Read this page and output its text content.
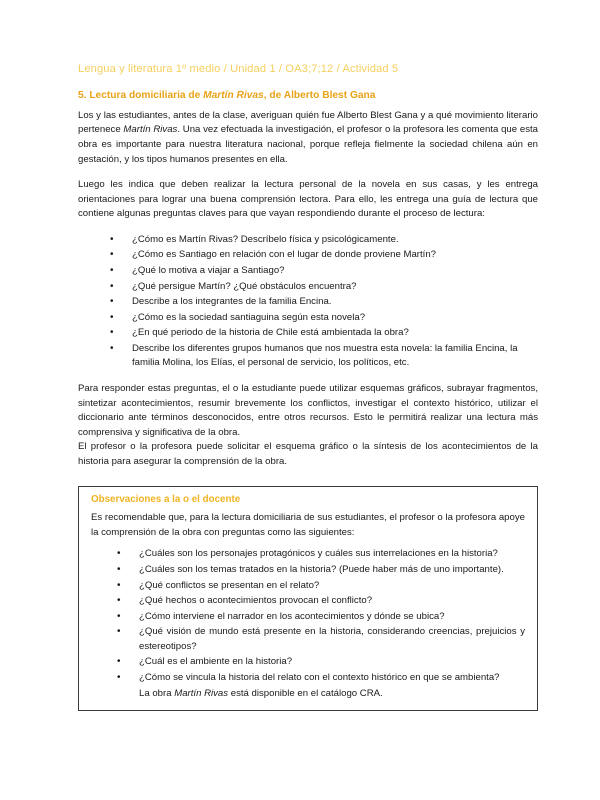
Lengua y literatura 1º medio / Unidad 1 / OA3;7;12 / Actividad 5
5. Lectura domiciliaria de Martín Rivas, de Alberto Blest Gana

Los y las estudiantes, antes de la clase, averiguan quién fue Alberto Blest Gana y a qué movimiento literario pertenece Martín Rivas. Una vez efectuada la investigación, el profesor o la profesora les comenta que esta obra es importante para nuestra literatura nacional, porque refleja fielmente la sociedad chilena aún en gestación, y los tipos humanos presentes en ella.

Luego les indica que deben realizar la lectura personal de la novela en sus casas, y les entrega orientaciones para lograr una buena comprensión lectora. Para ello, les entrega una guía de lectura que contiene algunas preguntas claves para que vayan respondiendo durante el proceso de lectura:

• ¿Cómo es Martín Rivas? Descríbelo física y psicológicamente.
• ¿Cómo es Santiago en relación con el lugar de donde proviene Martín?
• ¿Qué lo motiva a viajar a Santiago?
• ¿Qué persigue Martín? ¿Qué obstáculos encuentra?
• Describe a los integrantes de la familia Encina.
• ¿Cómo es la sociedad santiaguina según esta novela?
• ¿En qué periodo de la historia de Chile está ambientada la obra?
• Describe los diferentes grupos humanos que nos muestra esta novela: la familia Encina, la familia Molina, los Elías, el personal de servicio, los políticos, etc.

Para responder estas preguntas, el o la estudiante puede utilizar esquemas gráficos, subrayar fragmentos, sintetizar acontecimientos, resumir brevemente los conflictos, investigar el contexto histórico, utilizar el diccionario ante términos desconocidos, entre otros recursos. Esto le permitirá realizar una lectura más comprensiva y significativa de la obra.

El profesor o la profesora puede solicitar el esquema gráfico o la síntesis de los acontecimientos de la historia para asegurar la comprensión de la obra.

Observaciones a la o el docente

Es recomendable que, para la lectura domiciliaria de sus estudiantes, el profesor o la profesora apoye la comprensión de la obra con preguntas como las siguientes:

• ¿Cuáles son los personajes protagónicos y cuáles sus interrelaciones en la historia?
• ¿Cuáles son los temas tratados en la historia? (Puede haber más de uno importante).
• ¿Qué conflictos se presentan en el relato?
• ¿Qué hechos o acontecimientos provocan el conflicto?
• ¿Cómo interviene el narrador en los acontecimientos y dónde se ubica?
• ¿Qué visión de mundo está presente en la historia, considerando creencias, prejuicios y estereotipos?
• ¿Cuál es el ambiente en la historia?
• ¿Cómo se vincula la historia del relato con el contexto histórico en que se ambienta?

La obra Martín Rivas está disponible en el catálogo CRA.
